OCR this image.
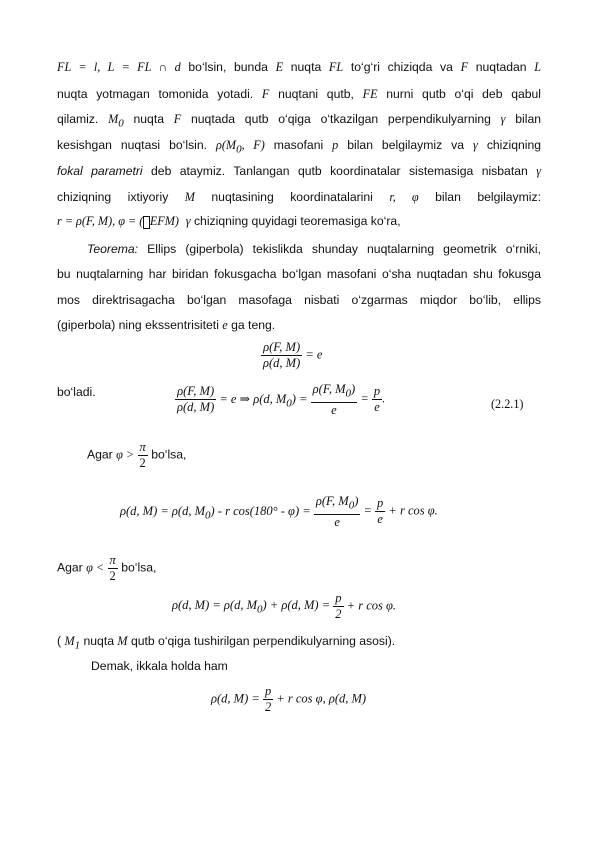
FL = l, L = FL ∩ d bo‘lsin, bunda E nuqta FL to‘g‘ri chiziqda va F nuqtadan L
nuqta yotmagan tomonida yotadi. F nuqtani qutb, FE nurni qutb o‘qi deb qabul
qilamiz. $M_0$ nuqta F nuqtada qutb o‘qiga o‘tkazilgan perpendikulyarning γ bilan
kesishgan nuqtasi bo‘lsin. $\rho(M_0$, F) masofani p bilan belgilaymiz va γ chiziqning
fokal parametri deb ataymiz. Tanlangan qutb koordinatalar sistemasiga nisbatan γ
chiziqning ixtiyoriy M nuqtasining koordinatalarini r, φ bilan belgilaymiz:
r = ρ(F, M), φ = ( EFM) γ chiziqning quyidagi teoremasiga ko‘ra,
Teorema: Ellips (giperbola) tekislikda shunday nuqtalarning geometrik o‘rniki,
bu nuqtalarning har biridan fokusgacha bo‘lgan masofani o‘sha nuqtadan shu fokusga
mos direktrisagacha bo‘lgan masofaga nisbati o‘zgarmas miqdor bo‘lib, ellips
(giperbola) ning ekssentrisiteti e ga teng.
$\frac{\rho(F, M)}{\rho(d, M)} = e$
bo‘ladi.	$\frac{\rho(F, M)}{\rho(d, M)} = e$ ⇒ ρ(d, $M_0) = \frac{\rho(F, M_0)}{e} = \frac{p}{e}$ .	(2.2.1)
Agar $\varphi > \frac{\pi}{2}$ bo‘lsa,
ρ(d, M) = ρ(d, $M_0$) - r $\cos(180^\circ - \varphi) = \frac{\rho(F, M_0)}{e} = \frac{p}{e} + r$ cos φ.
Agar $\varphi < \frac{\pi}{2}$ bo‘lsa,
ρ(d, M) = ρ(d, $M_0) + \rho(d$, $M) = \frac{p}{2} + r$ cos φ.
( $M_1$ nuqta M qutb o‘qiga tushirilgan perpendikulyarning asosi).
Demak, ikkala holda ham
ρ(d, $M) = \frac{p}{2} + r$ cos φ, ρ(d, M)
